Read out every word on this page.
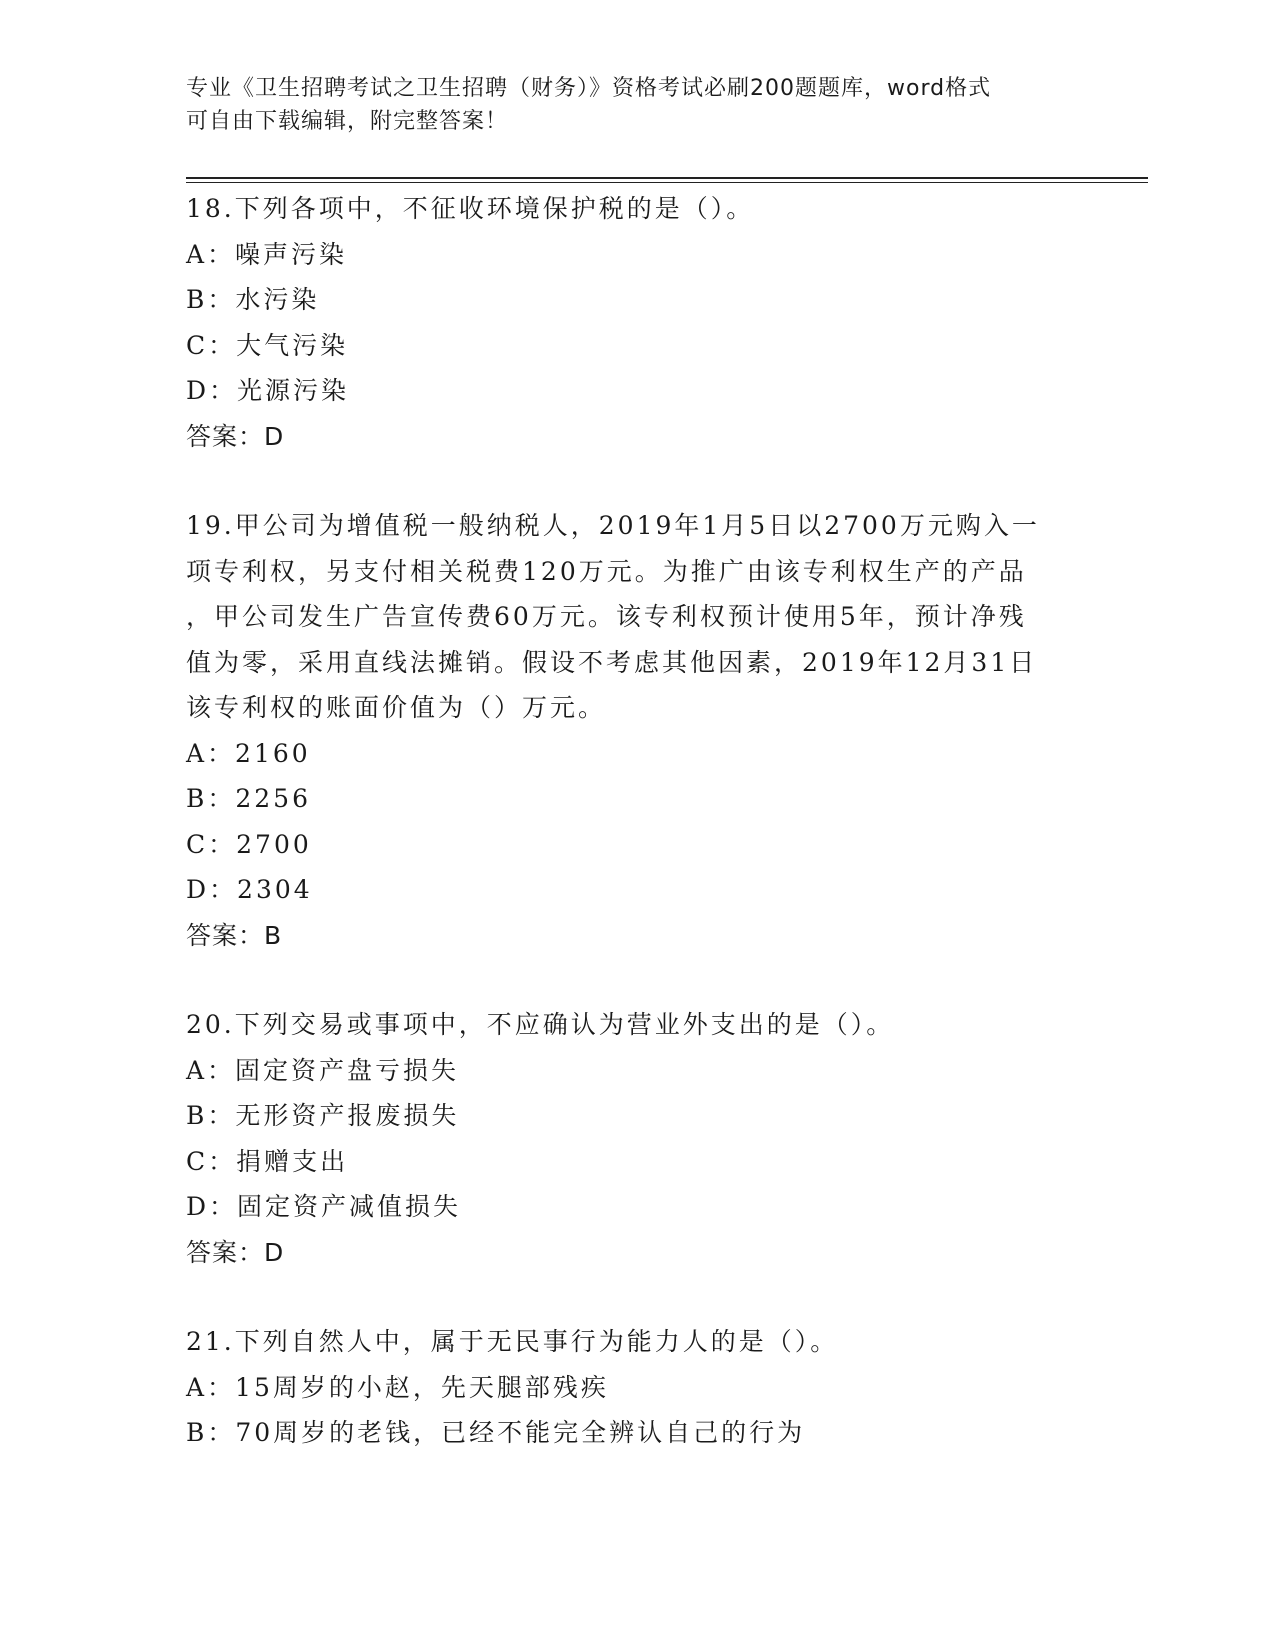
专业《卫生招聘考试之卫生招聘（财务）》资格考试必刷200题题库，word格式
可自由下载编辑，附完整答案！
18.下列各项中，不征收环境保护税的是（）。
A：噪声污染
B：水污染
C：大气污染
D：光源污染
答案：D
19.甲公司为增值税一般纳税人，2019年1月5日以2700万元购入一
项专利权，另支付相关税费120万元。为推广由该专利权生产的产品
，甲公司发生广告宣传费60万元。该专利权预计使用5年，预计净残
值为零，采用直线法摊销。假设不考虑其他因素，2019年12月31日
该专利权的账面价值为（）万元。
A：2160
B：2256
C：2700
D：2304
答案：B
20.下列交易或事项中，不应确认为营业外支出的是（）。
A：固定资产盘亏损失
B：无形资产报废损失
C：捐赠支出
D：固定资产减值损失
答案：D
21.下列自然人中，属于无民事行为能力人的是（）。
A：15周岁的小赵，先天腿部残疾
B：70周岁的老钱，已经不能完全辨认自己的行为
